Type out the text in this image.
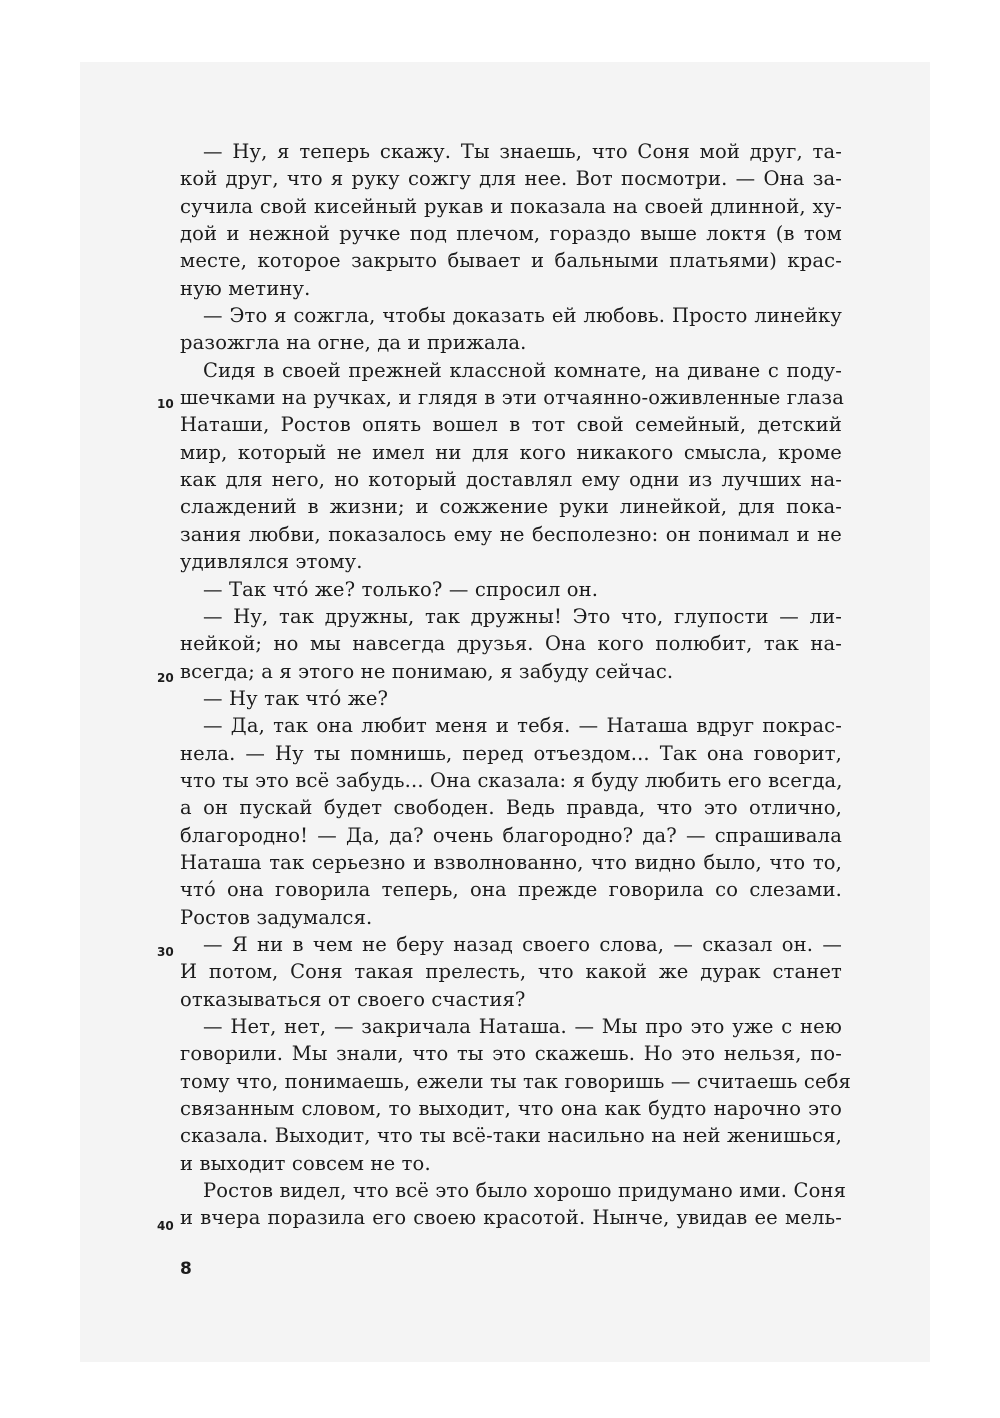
— Ну, я теперь скажу. Ты знаешь, что Соня мой друг, та-
кой друг, что я руку сожгу для нее. Вот посмотри. — Она за-
сучила свой кисейный рукав и показала на своей длинной, ху-
дой и нежной ручке под плечом, гораздо выше локтя (в том
месте, которое закрыто бывает и бальными платьями) крас-
ную метину.
— Это я сожгла, чтобы доказать ей любовь. Просто линейку
разожгла на огне, да и прижала.
Сидя в своей прежней классной комнате, на диване с поду-
шечками на ручках, и глядя в эти отчаянно-оживленные глаза
Наташи, Ростов опять вошел в тот свой семейный, детский
мир, который не имел ни для кого никакого смысла, кроме
как для него, но который доставлял ему одни из лучших на-
слаждений в жизни; и сожжение руки линейкой, для пока-
зания любви, показалось ему не бесполезно: он понимал и не
удивлялся этому.
— Так что́ же? только? — спросил он.
— Ну, так дружны, так дружны! Это что, глупости — ли-
нейкой; но мы навсегда друзья. Она кого полюбит, так на-
всегда; а я этого не понимаю, я забуду сейчас.
— Ну так что́ же?
— Да, так она любит меня и тебя. — Наташа вдруг покрас-
нела. — Ну ты помнишь, перед отъездом... Так она говорит,
что ты это всё забудь... Она сказала: я буду любить его всегда,
а он пускай будет свободен. Ведь правда, что это отлично,
благородно! — Да, да? очень благородно? да? — спрашивала
Наташа так серьезно и взволнованно, что видно было, что то,
что́ она говорила теперь, она прежде говорила со слезами.
Ростов задумался.
— Я ни в чем не беру назад своего слова, — сказал он. —
И потом, Соня такая прелесть, что какой же дурак станет
отказываться от своего счастия?
— Нет, нет, — закричала Наташа. — Мы про это уже с нею
говорили. Мы знали, что ты это скажешь. Но это нельзя, по-
тому что, понимаешь, ежели ты так говоришь — считаешь себя
связанным словом, то выходит, что она как будто нарочно это
сказала. Выходит, что ты всё-таки насильно на ней женишься,
и выходит совсем не то.
Ростов видел, что всё это было хорошо придумано ими. Соня
и вчера поразила его своею красотой. Нынче, увидав ее мель-
10
20
30
40
8
